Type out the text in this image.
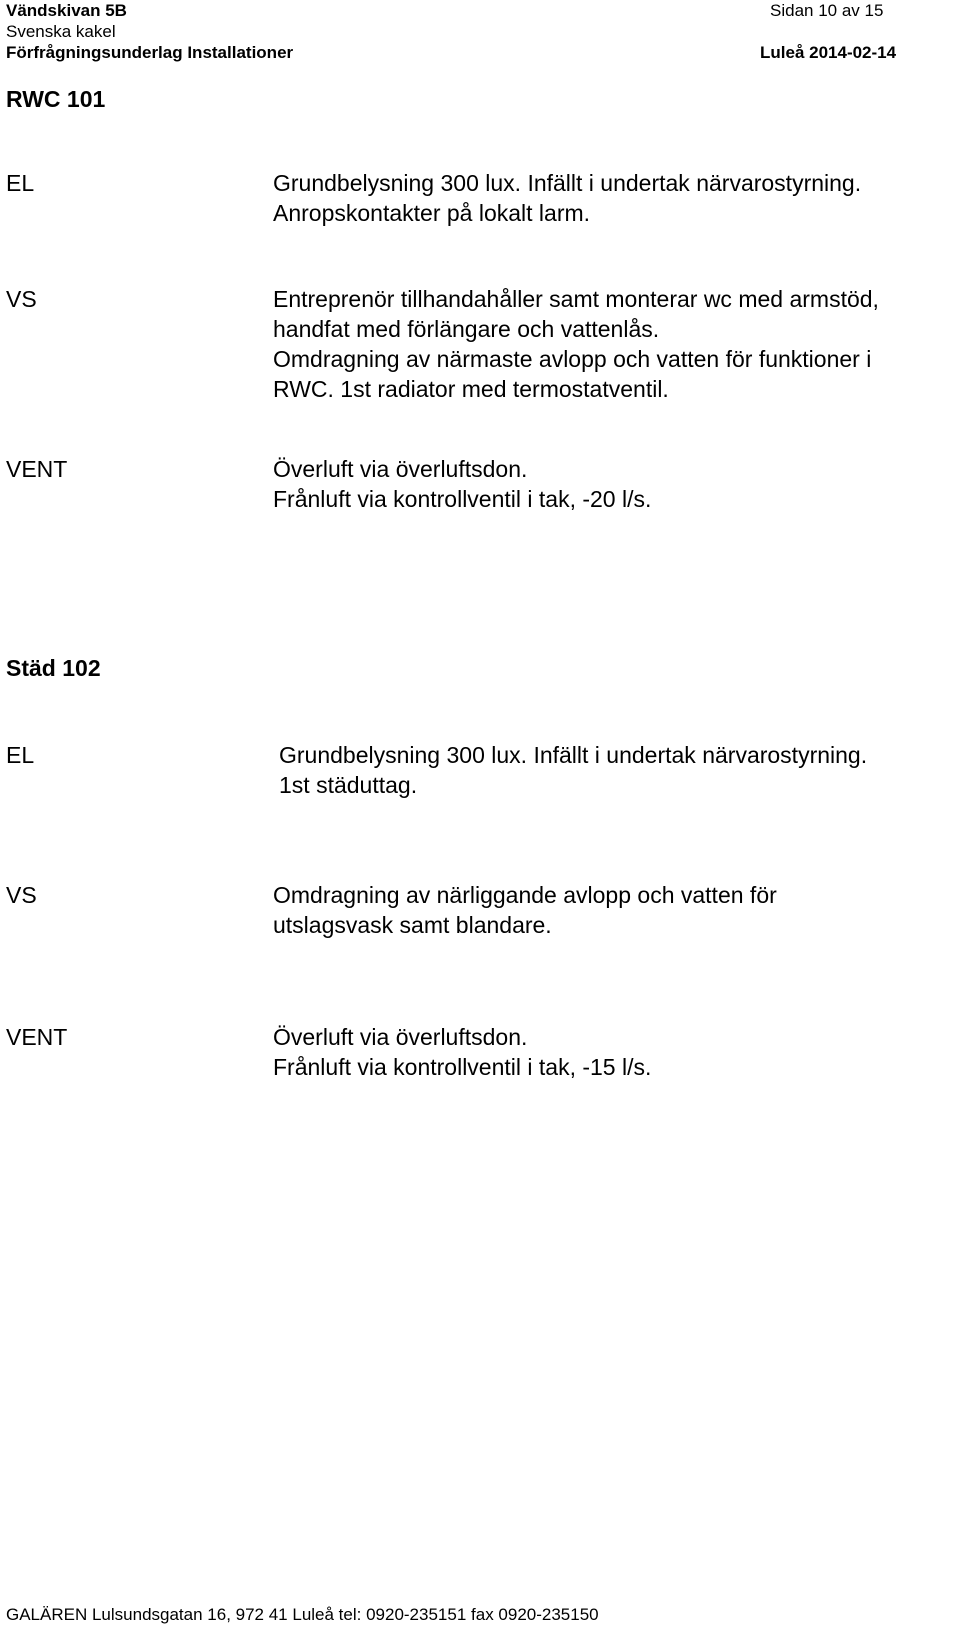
Vändskivan 5B
Svenska kakel
Förfrågningsunderlag Installationer
Sidan 10 av 15
Luleå 2014-02-14
RWC 101
EL	Grundbelysning 300 lux. Infällt i undertak närvarostyrning.
Anropskontakter på lokalt larm.
VS	Entreprenör tillhandahåller samt monterar wc med armstöd,
handfat med förlängare och vattenlås.
Omdragning av närmaste avlopp och vatten för funktioner i
RWC. 1st radiator med termostatventil.
VENT	Överluft via överluftsdon.
Frånluft via kontrollventil i tak, -20 l/s.
Städ 102
EL	Grundbelysning 300 lux. Infällt i undertak närvarostyrning.
1st städuttag.
VS	Omdragning av närliggande avlopp och vatten för
utslagsvask samt blandare.
VENT	Överluft via överluftsdon.
Frånluft via kontrollventil i tak, -15 l/s.
GALÄREN Lulsundsgatan 16, 972 41 Luleå tel: 0920-235151 fax 0920-235150
